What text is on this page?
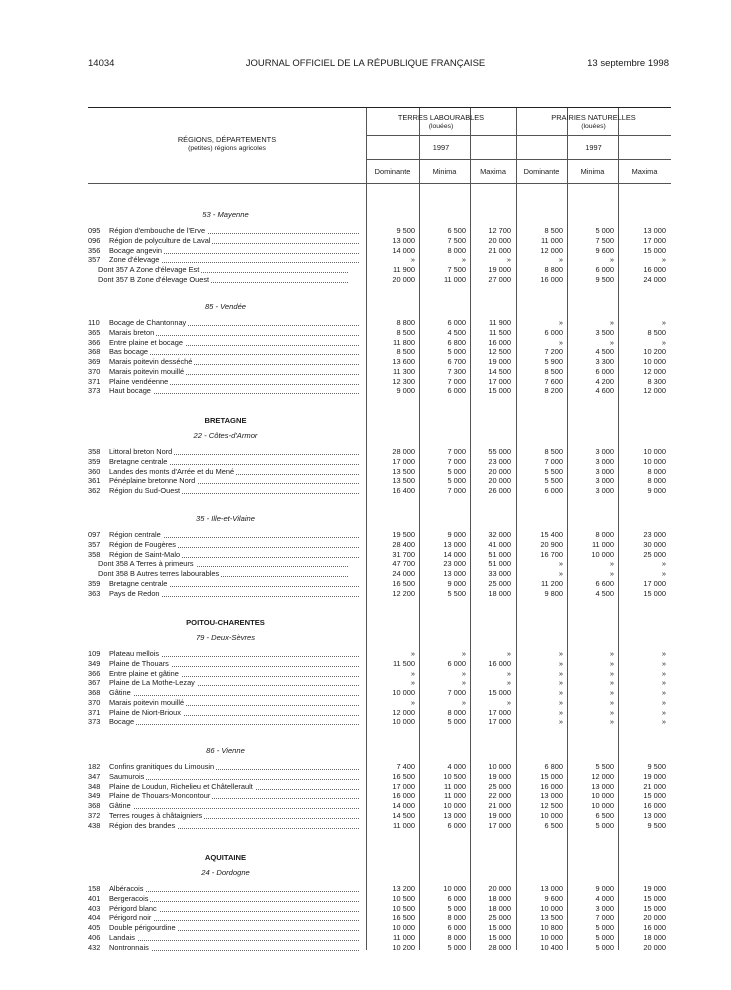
14034	JOURNAL OFFICIEL DE LA RÉPUBLIQUE FRANÇAISE	13 septembre 1998
RÉGIONS, DÉPARTEMENTS
(petites) régions agricoles
TERRES LABOURABLES
(louées)
PRAIRIES NATURELLES
(louées)
1997	1997
Dominante	Minima	Maxima	Dominante	Minima	Maxima
53 - Mayenne
095	Région d'embouche de l'Erve	9 500	6 500	12 700	8 500	5 000	13 000
096	Région de polyculture de Laval	13 000	7 500	20 000	11 000	7 500	17 000
356	Bocage angevin	14 000	8 000	21 000	12 000	9 600	15 000
357	Zone d'élevage	»	»	»	»	»	»
Dont 357 A Zone d'élevage Est	11 900	7 500	19 000	8 800	6 000	16 000
Dont 357 B Zone d'élevage Ouest	20 000	11 000	27 000	16 000	9 500	24 000
85 - Vendée
110	Bocage de Chantonnay	8 800	6 000	11 900	»	»	»
365	Marais breton	8 500	4 500	11 500	6 000	3 500	8 500
366	Entre plaine et bocage	11 800	6 800	16 000	»	»	»
368	Bas bocage	8 500	5 000	12 500	7 200	4 500	10 200
369	Marais poitevin desséché	13 600	6 700	19 000	5 900	3 300	10 000
370	Marais poitevin mouillé	11 300	7 300	14 500	8 500	6 000	12 000
371	Plaine vendéenne	12 300	7 000	17 000	7 600	4 200	8 300
373	Haut bocage	9 000	6 000	15 000	8 200	4 600	12 000
BRETAGNE
22 - Côtes-d'Armor
358	Littoral breton Nord	28 000	7 000	55 000	8 500	3 000	10 000
359	Bretagne centrale	17 000	7 000	23 000	7 000	3 000	10 000
360	Landes des monts d'Arrée et du Mené	13 500	5 000	20 000	5 500	3 000	8 000
361	Pénéplaine bretonne Nord	13 500	5 000	20 000	5 500	3 000	8 000
362	Région du Sud-Ouest	16 400	7 000	26 000	6 000	3 000	9 000
35 - Ille-et-Vilaine
097	Région centrale	19 500	9 000	32 000	15 400	8 000	23 000
357	Région de Fougères	28 400	13 000	41 000	20 900	11 000	30 000
358	Région de Saint-Malo	31 700	14 000	51 000	16 700	10 000	25 000
Dont 358 A Terres à primeurs	47 700	23 000	51 000	»	»	»
Dont 358 B Autres terres labourables	24 000	13 000	33 000	»	»	»
359	Bretagne centrale	16 500	9 000	25 000	11 200	6 600	17 000
363	Pays de Redon	12 200	5 500	18 000	9 800	4 500	15 000
POITOU-CHARENTES
79 - Deux-Sèvres
109	Plateau mellois	»	»	»	»	»	»
349	Plaine de Thouars	11 500	6 000	16 000	»	»	»
366	Entre plaine et gâtine	»	»	»	»	»	»
367	Plaine de La Mothe-Lezay	»	»	»	»	»	»
368	Gâtine	10 000	7 000	15 000	»	»	»
370	Marais poitevin mouillé	»	»	»	»	»	»
371	Plaine de Niort-Brioux	12 000	8 000	17 000	»	»	»
373	Bocage	10 000	5 000	17 000	»	»	»
86 - Vienne
182	Confins granitiques du Limousin	7 400	4 000	10 000	6 800	5 500	9 500
347	Saumurois	16 500	10 500	19 000	15 000	12 000	19 000
348	Plaine de Loudun, Richelieu et Châtellerault	17 000	11 000	25 000	16 000	13 000	21 000
349	Plaine de Thouars-Moncontour	16 000	11 000	22 000	13 000	10 000	15 000
368	Gâtine	14 000	10 000	21 000	12 500	10 000	16 000
372	Terres rouges à châtaigniers	14 500	13 000	19 000	10 000	6 500	13 000
438	Région des brandes	11 000	6 000	17 000	6 500	5 000	9 500
AQUITAINE
24 - Dordogne
158	Albéracois	13 200	10 000	20 000	13 000	9 000	19 000
401	Bergeracois	10 500	6 000	18 000	9 600	4 000	15 000
403	Périgord blanc	10 500	5 000	18 000	10 000	3 000	15 000
404	Périgord noir	16 500	8 000	25 000	13 500	7 000	20 000
405	Double périgourdine	10 000	6 000	15 000	10 800	5 000	16 000
406	Landais	11 000	8 000	15 000	10 000	5 000	18 000
432	Nontronnais	10 200	5 000	28 000	10 400	5 000	20 000
